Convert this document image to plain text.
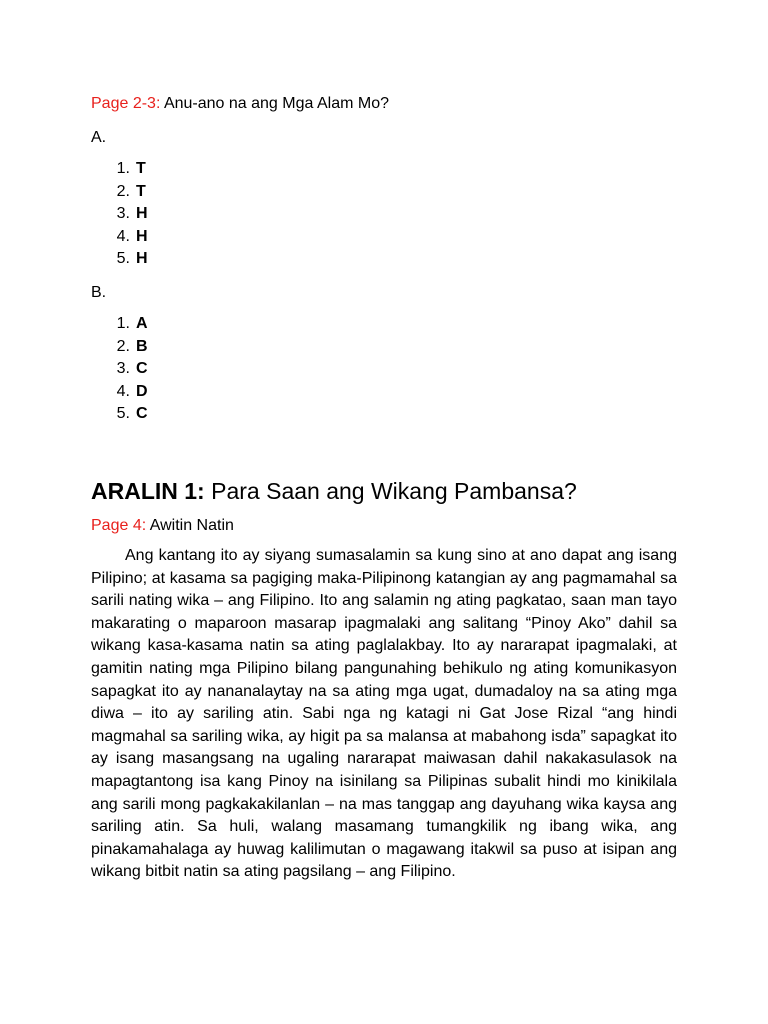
Page 2-3: Anu-ano na ang Mga Alam Mo?
A.
1. T
2. T
3. H
4. H
5. H
B.
1. A
2. B
3. C
4. D
5. C
ARALIN 1: Para Saan ang Wikang Pambansa?
Page 4: Awitin Natin

Ang kantang ito ay siyang sumasalamin sa kung sino at ano dapat ang isang Pilipino; at kasama sa pagiging maka-Pilipinong katangian ay ang pagmamahal sa sarili nating wika – ang Filipino. Ito ang salamin ng ating pagkatao, saan man tayo makarating o maparoon masarap ipagmalaki ang salitang “Pinoy Ako” dahil sa wikang kasa-kasama natin sa ating paglalakbay. Ito ay nararapat ipagmalaki, at gamitin nating mga Pilipino bilang pangunahing behikulo ng ating komunikasyon sapagkat ito ay nananalaytay na sa ating mga ugat, dumadaloy na sa ating mga diwa – ito ay sariling atin. Sabi nga ng katagi ni Gat Jose Rizal “ang hindi magmahal sa sariling wika, ay higit pa sa malansa at mabahong isda” sapagkat ito ay isang masangsang na ugaling nararapat maiwasan dahil nakakasulasok na mapagtantong isa kang Pinoy na isinilang sa Pilipinas subalit hindi mo kinikilala ang sarili mong pagkakakilanlan – na mas tanggap ang dayuhang wika kaysa ang sariling atin. Sa huli, walang masamang tumangkilik ng ibang wika, ang pinakamahalaga ay huwag kalilimutan o magawang itakwil sa puso at isipan ang wikang bitbit natin sa ating pagsilang – ang Filipino.
